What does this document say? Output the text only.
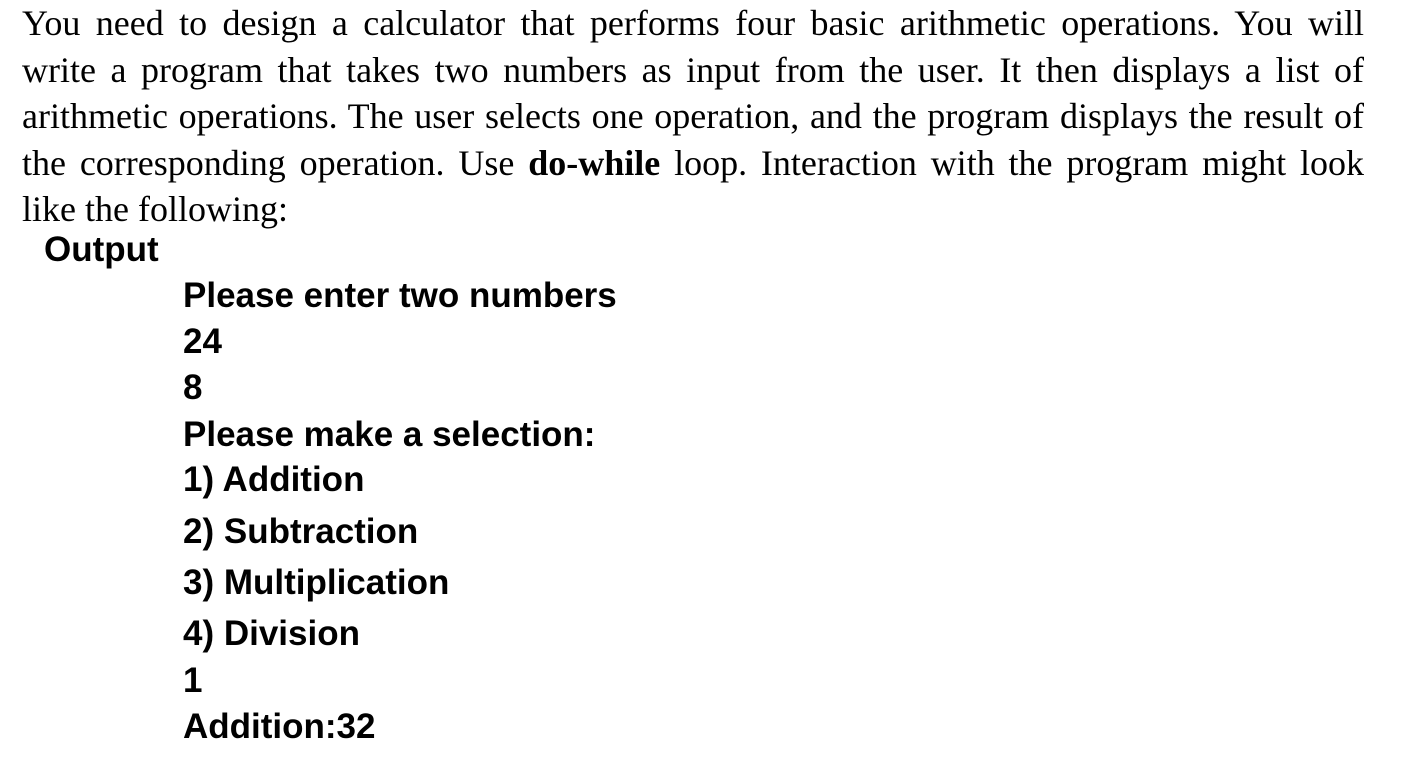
You need to design a calculator that performs four basic arithmetic operations. You will write a program that takes two numbers as input from the user. It then displays a list of arithmetic operations. The user selects one operation, and the program displays the result of the corresponding operation. Use do-while loop. Interaction with the program might look like the following:

Output
Please enter two numbers
24
8
Please make a selection:
1) Addition
2) Subtraction
3) Multiplication
4) Division
1
Addition:32
